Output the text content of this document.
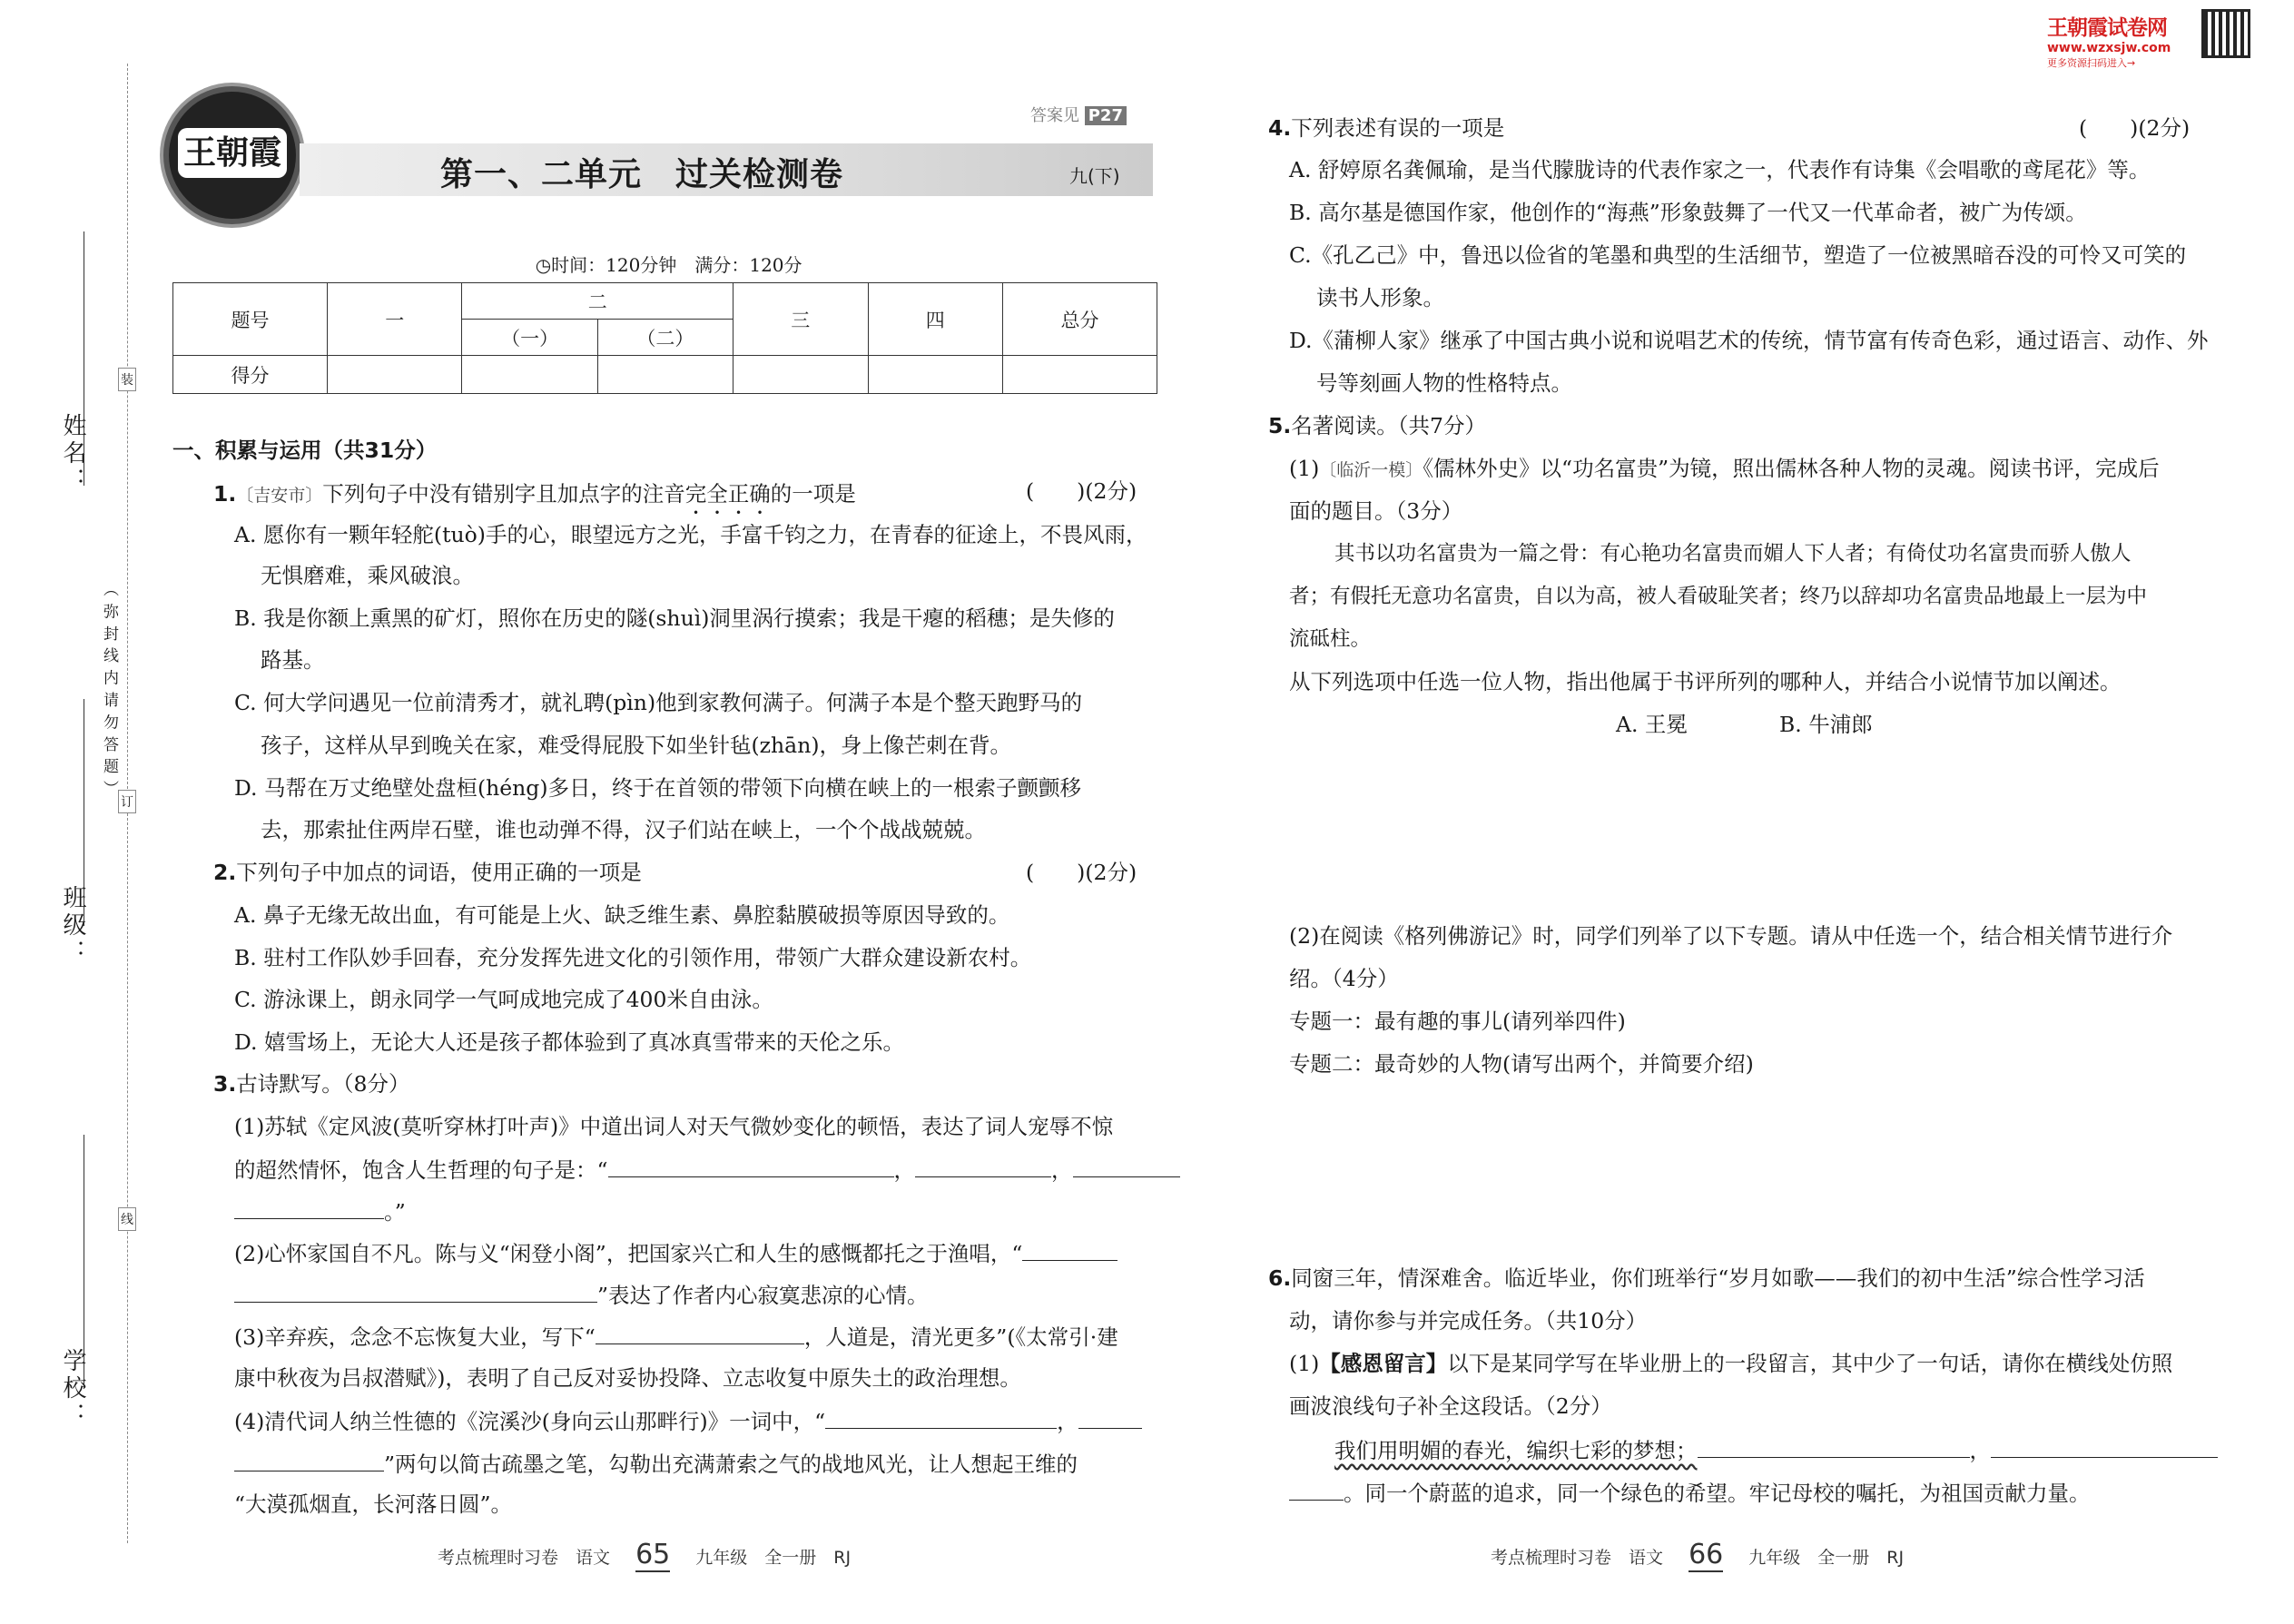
王朝霞试卷网
www.wzxsjw.com
更多资源扫码进入→
姓名：
班级：
学校：
（ 弥 封 线 内 请 勿 答 题 ）
装
订
线
王朝霞
第一、二单元　过关检测卷
答案见 P27
九(下)

◷时间：120分钟　满分：120分

题号	一	二		三	四	总分
		（一）	（二）			
得分						
一、积累与运用（共31分）
1.〔吉安市〕下列句子中没有错别字且加点字的注音完全正确的一项是	(　　)(2分)
A. 愿你有一颗年轻舵(tuò)手的心，眼望远方之光，手富千钧之力，在青春的征途上，不畏风雨，
无惧磨难，乘风破浪。
B. 我是你额上熏黑的矿灯，照你在历史的隧(shuì)洞里涡行摸索；我是干瘪的稻穗；是失修的
路基。
C. 何大学问遇见一位前清秀才，就礼聘(pìn)他到家教何满子。何满子本是个整天跑野马的
孩子，这样从早到晚关在家，难受得屁股下如坐针毡(zhān)，身上像芒刺在背。
D. 马帮在万丈绝壁处盘桓(héng)多日，终于在首领的带领下向横在峡上的一根索子颤颤移
去，那索扯住两岸石壁，谁也动弹不得，汉子们站在峡上，一个个战战兢兢。
2.下列句子中加点的词语，使用正确的一项是	(　　)(2分)
A. 鼻子无缘无故出血，有可能是上火、缺乏维生素、鼻腔黏膜破损等原因导致的。
B. 驻村工作队妙手回春，充分发挥先进文化的引领作用，带领广大群众建设新农村。
C. 游泳课上，朗永同学一气呵成地完成了400米自由泳。
D. 嬉雪场上，无论大人还是孩子都体验到了真冰真雪带来的天伦之乐。
3.古诗默写。（8分）
(1)苏轼《定风波(莫听穿林打叶声)》中道出词人对天气微妙变化的顿悟，表达了词人宠辱不惊
的超然情怀，饱含人生哲理的句子是：“	，	，
。”
(2)心怀家国自不凡。陈与义“闲登小阁”，把国家兴亡和人生的感慨都托之于渔唱，“
”表达了作者内心寂寞悲凉的心情。
(3)辛弃疾，念念不忘恢复大业，写下“	，人道是，清光更多”(《太常引·建
康中秋夜为吕叔潜赋》)，表明了自己反对妥协投降、立志收复中原失土的政治理想。
(4)清代词人纳兰性德的《浣溪沙(身向云山那畔行)》一词中，“	，
”两句以简古疏墨之笔，勾勒出充满萧索之气的战地风光，让人想起王维的
“大漠孤烟直，长河落日圆”。
考点梳理时习卷　语文 65 九年级　全一册　RJ
4.下列表述有误的一项是	(　　)(2分)
A. 舒婷原名龚佩瑜，是当代朦胧诗的代表作家之一，代表作有诗集《会唱歌的鸢尾花》等。
B. 高尔基是德国作家，他创作的“海燕”形象鼓舞了一代又一代革命者，被广为传颂。
C.《孔乙己》中，鲁迅以俭省的笔墨和典型的生活细节，塑造了一位被黑暗吞没的可怜又可笑的
读书人形象。
D.《蒲柳人家》继承了中国古典小说和说唱艺术的传统，情节富有传奇色彩，通过语言、动作、外
号等刻画人物的性格特点。
5.名著阅读。（共7分）
(1)〔临沂一模〕《儒林外史》以“功名富贵”为镜，照出儒林各种人物的灵魂。阅读书评，完成后
面的题目。（3分）
其书以功名富贵为一篇之骨：有心艳功名富贵而媚人下人者；有倚仗功名富贵而骄人傲人
者；有假托无意功名富贵，自以为高，被人看破耻笑者；终乃以辞却功名富贵品地最上一层为中
流砥柱。
从下列选项中任选一位人物，指出他属于书评所列的哪种人，并结合小说情节加以阐述。
A. 王冕	B. 牛浦郎
(2)在阅读《格列佛游记》时，同学们列举了以下专题。请从中任选一个，结合相关情节进行介
绍。（4分）
专题一：最有趣的事儿(请列举四件)
专题二：最奇妙的人物(请写出两个，并简要介绍)
6.同窗三年，情深难舍。临近毕业，你们班举行“岁月如歌——我们的初中生活”综合性学习活
动，请你参与并完成任务。（共10分）
(1)【感恩留言】以下是某同学写在毕业册上的一段留言，其中少了一句话，请你在横线处仿照
画波浪线句子补全这段话。（2分）
我们用明媚的春光，编织七彩的梦想；	，
。同一个蔚蓝的追求，同一个绿色的希望。牢记母校的嘱托，为祖国贡献力量。
考点梳理时习卷　语文 66 九年级　全一册　RJ
